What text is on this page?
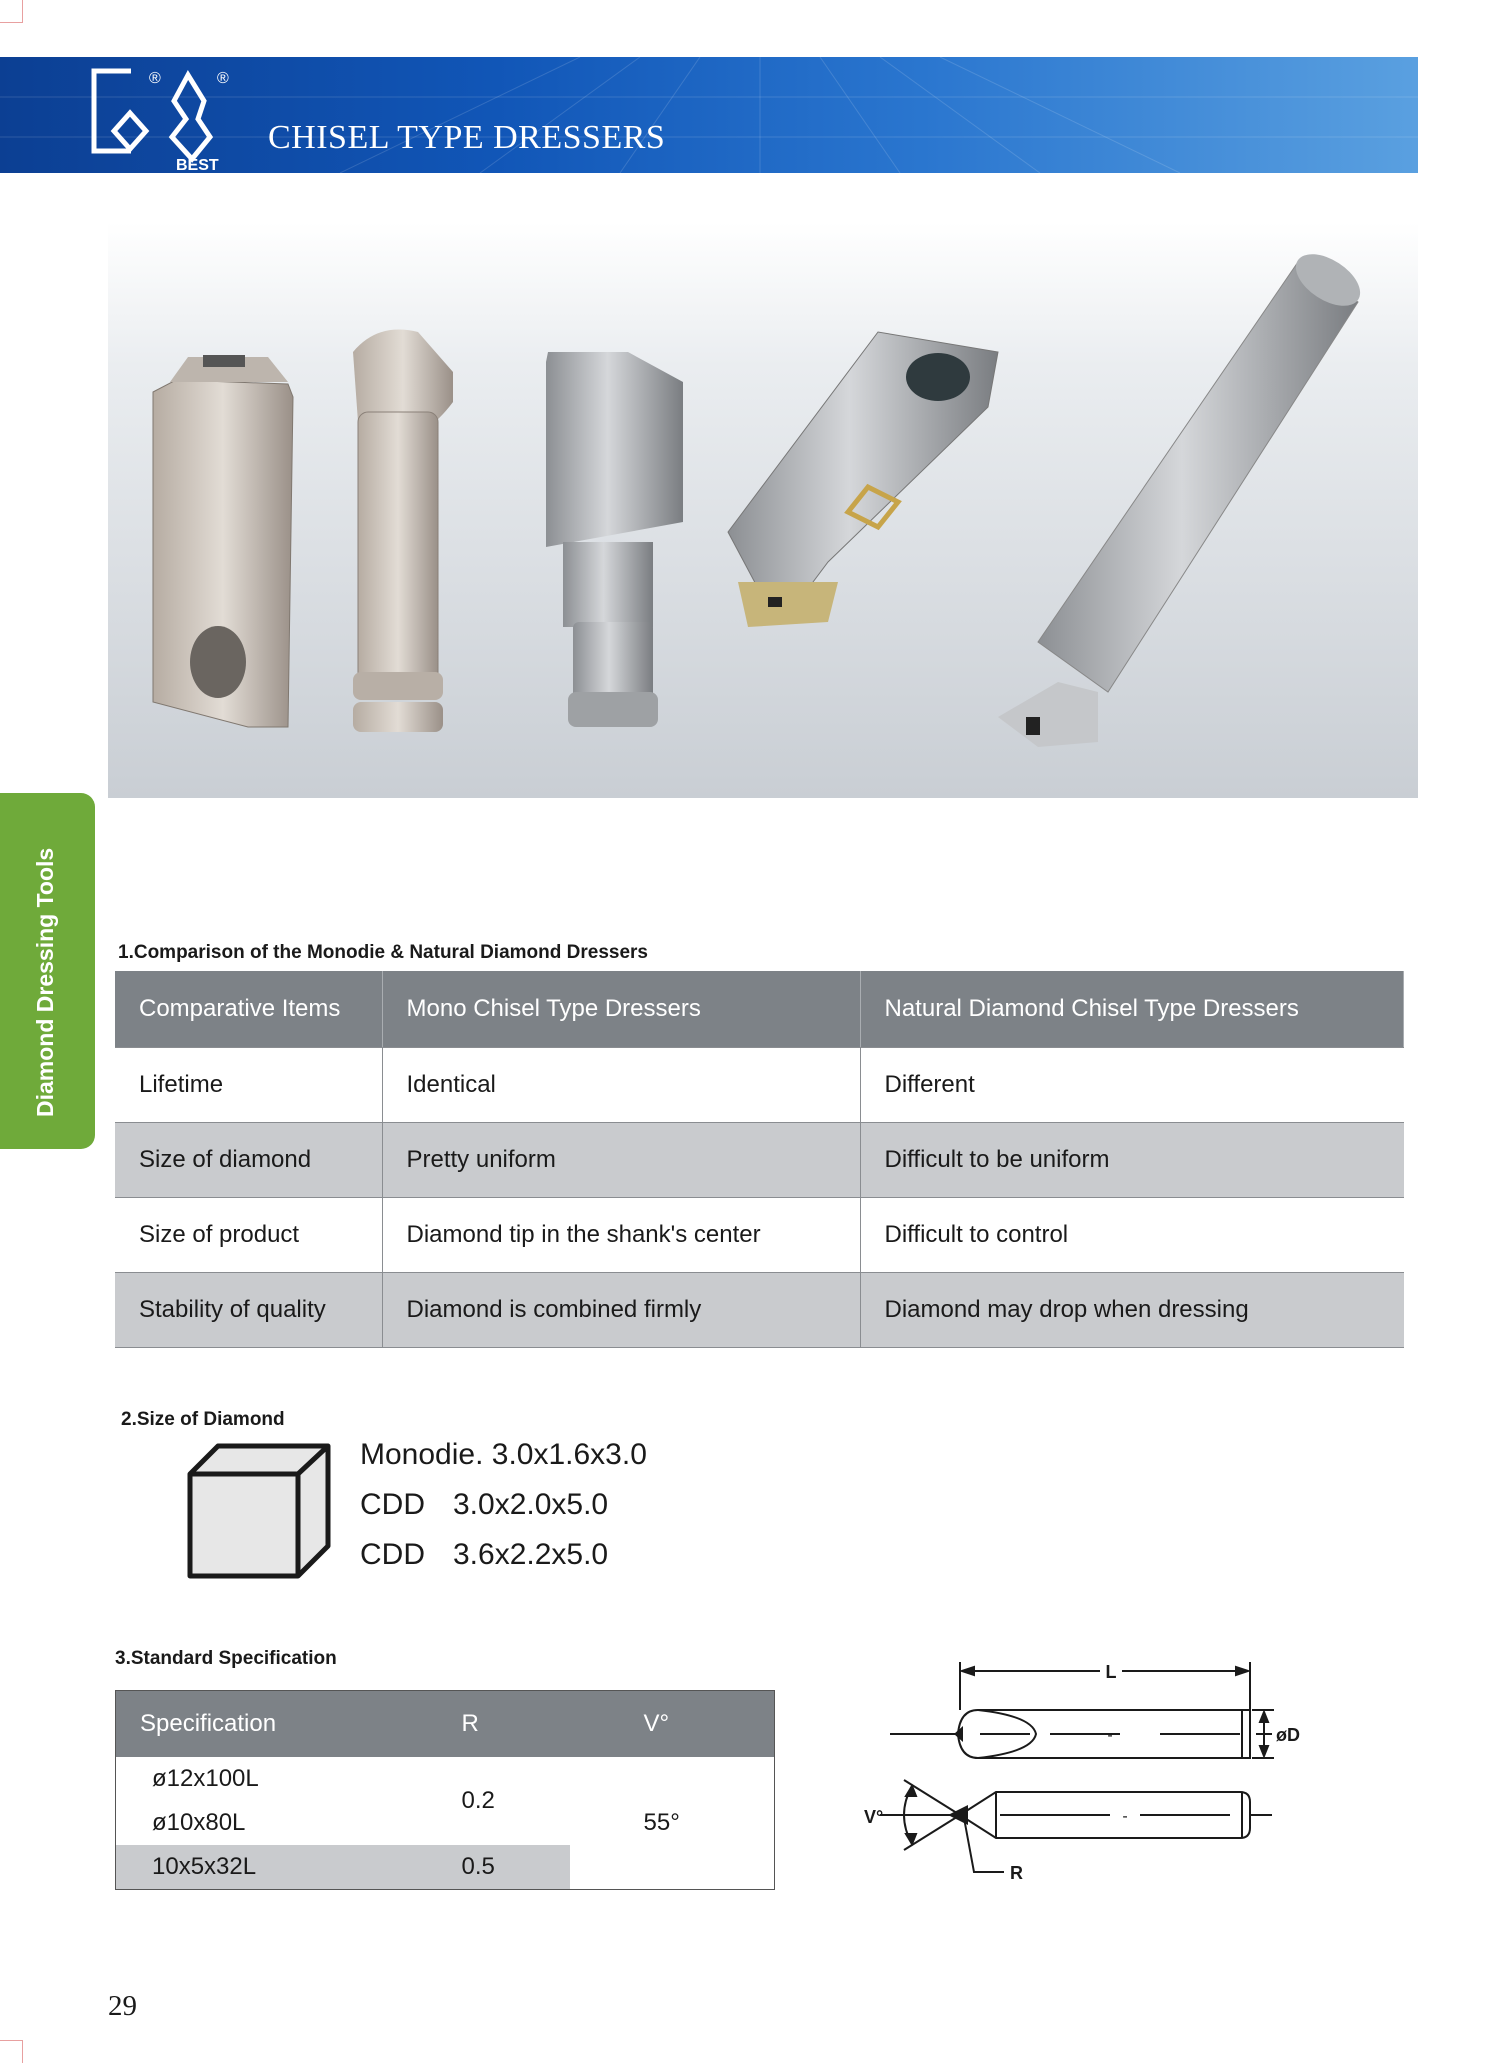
®	®
BEST
CHISEL TYPE DRESSERS
Diamond Dressing Tools	1.Comparison of the Monodie & Natural Diamond Dressers
Comparative Items	Mono Chisel Type Dressers	Natural Diamond Chisel Type Dressers
Lifetime	Identical	Different
Size of diamond	Pretty uniform	Difficult to be uniform
Size of product	Diamond tip in the shank's center	Difficult to control
Stability of quality	Diamond is combined firmly	Diamond may drop when dressing
2.Size of Diamond
Monodie. 3.0x1.6x3.0
CDD 3.0x2.0x5.0
CDD 3.6x2.2x5.0
3.Standard Specification
Specification	R	V°
ø12x100L	0.2	55°
ø10x80L		
10x5x32L	0.5	
L
øD
V°
R
-
-
29
